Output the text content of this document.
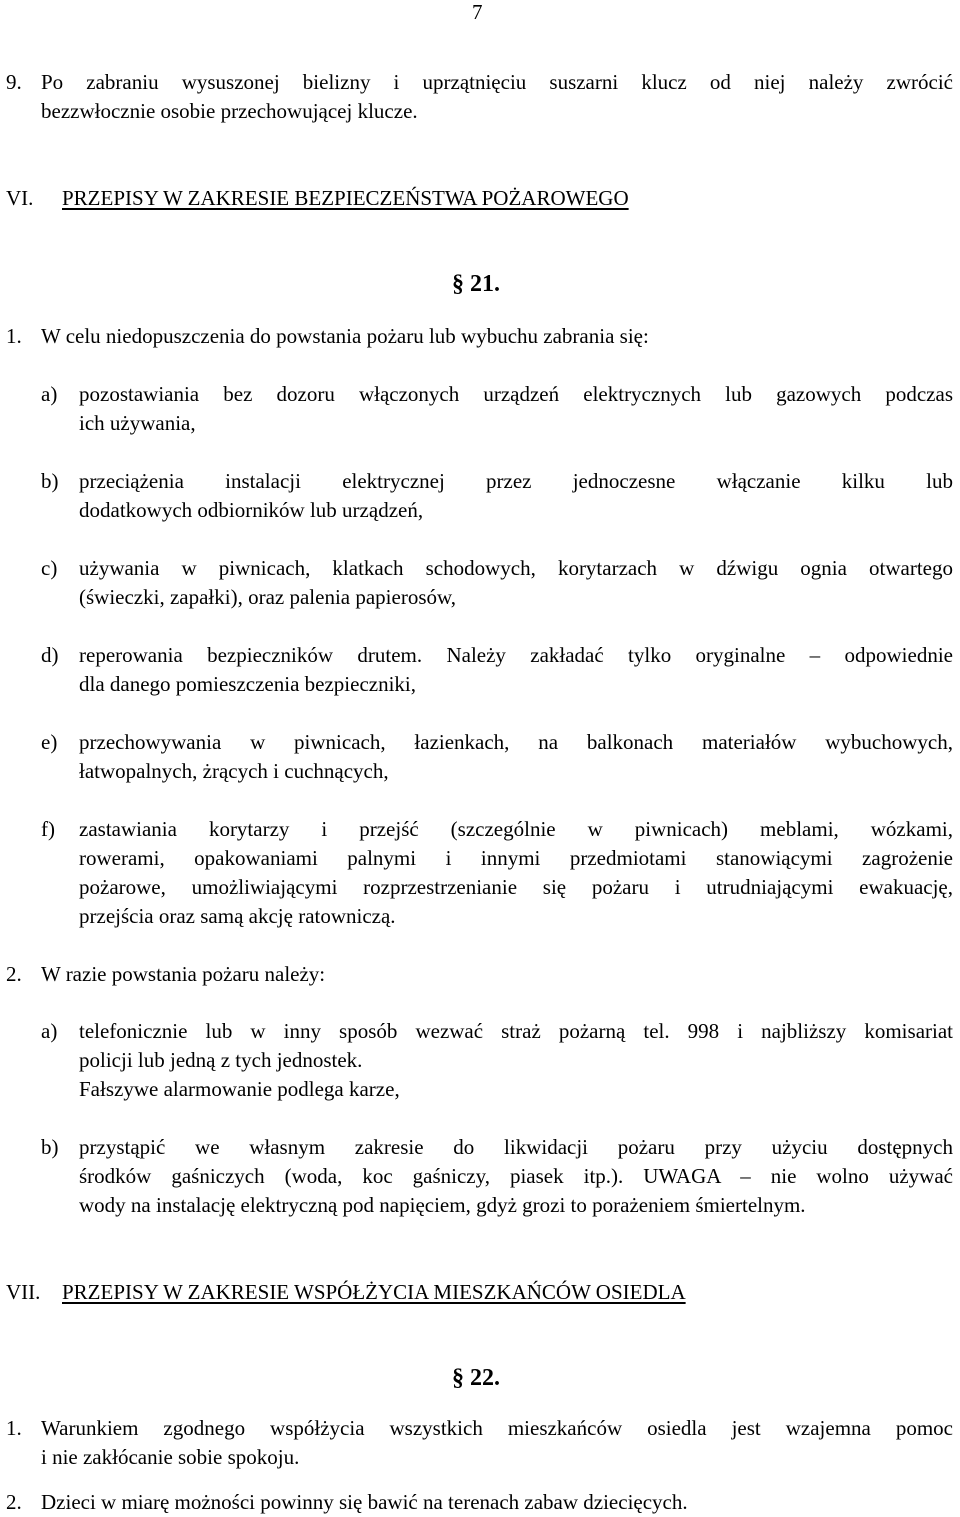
7
9. Po zabraniu wysuszonej bielizny i uprzątnięciu suszarni klucz od niej należy zwrócić
bezzwłocznie osobie przechowującej klucze.
VI. PRZEPISY W ZAKRESIE BEZPIECZEŃSTWA POŻAROWEGO
§ 21.
1. W celu niedopuszczenia do powstania pożaru lub wybuchu zabrania się:
a) pozostawiania bez dozoru włączonych urządzeń elektrycznych lub gazowych podczas
ich używania,
b) przeciążenia instalacji elektrycznej przez jednoczesne włączanie kilku lub
dodatkowych odbiorników lub urządzeń,
c) używania w piwnicach, klatkach schodowych, korytarzach w dźwigu ognia otwartego
(świeczki, zapałki), oraz palenia papierosów,
d) reperowania bezpieczników drutem. Należy zakładać tylko oryginalne – odpowiednie
dla danego pomieszczenia bezpieczniki,
e) przechowywania w piwnicach, łazienkach, na balkonach materiałów wybuchowych,
łatwopalnych, żrących i cuchnących,
f) zastawiania korytarzy i przejść (szczególnie w piwnicach) meblami, wózkami,
rowerami, opakowaniami palnymi i innymi przedmiotami stanowiącymi zagrożenie
pożarowe, umożliwiającymi rozprzestrzenianie się pożaru i utrudniającymi ewakuację,
przejścia oraz samą akcję ratowniczą.
2. W razie powstania pożaru należy:
a) telefonicznie lub w inny sposób wezwać straż pożarną tel. 998 i najbliższy komisariat
policji lub jedną z tych jednostek.
Fałszywe alarmowanie podlega karze,
b) przystąpić we własnym zakresie do likwidacji pożaru przy użyciu dostępnych
środków gaśniczych (woda, koc gaśniczy, piasek itp.). UWAGA – nie wolno używać
wody na instalację elektryczną pod napięciem, gdyż grozi to porażeniem śmiertelnym.
VII. PRZEPISY W ZAKRESIE WSPÓŁŻYCIA MIESZKAŃCÓW OSIEDLA
§ 22.
1. Warunkiem zgodnego współżycia wszystkich mieszkańców osiedla jest wzajemna pomoc
i nie zakłócanie sobie spokoju.
2. Dzieci w miarę możności powinny się bawić na terenach zabaw dziecięcych.
